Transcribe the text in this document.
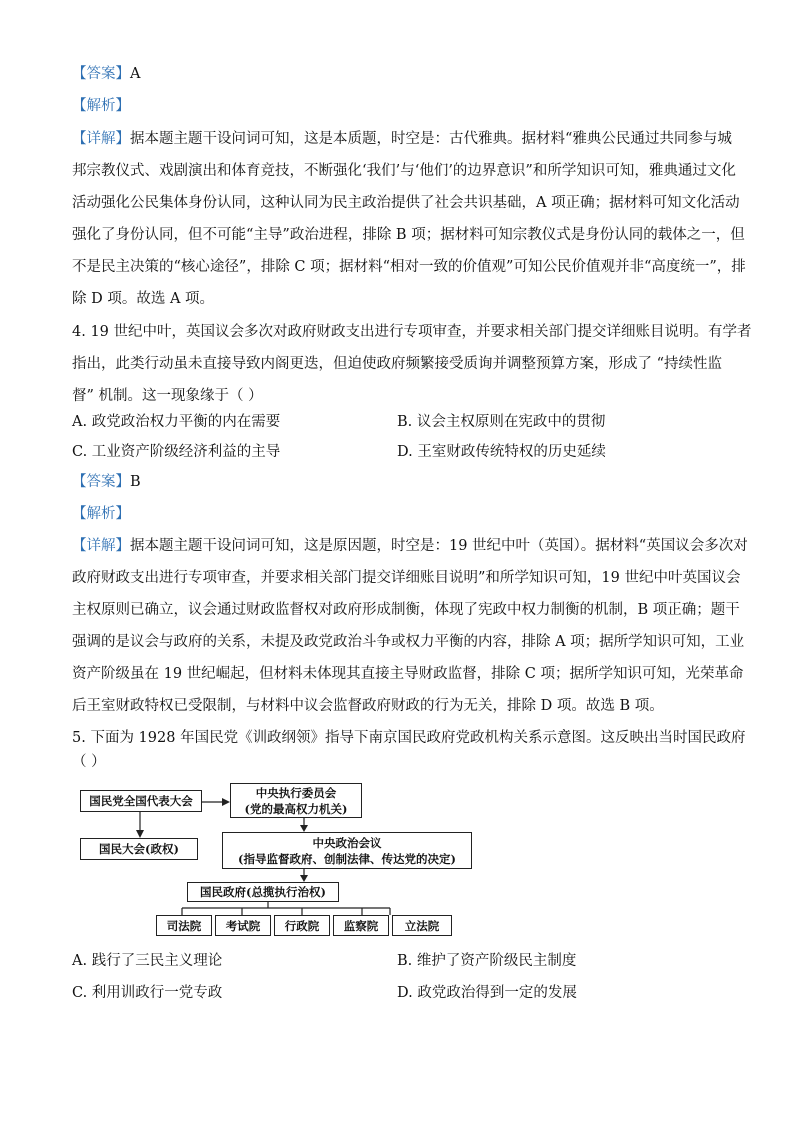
【答案】A
【解析】
【详解】据本题主题干设问词可知，这是本质题，时空是：古代雅典。据材料“雅典公民通过共同参与城
邦宗教仪式、戏剧演出和体育竞技，不断强化‘我们’与‘他们’的边界意识”和所学知识可知，雅典通过文化
活动强化公民集体身份认同，这种认同为民主政治提供了社会共识基础，A 项正确；据材料可知文化活动
强化了身份认同，但不可能“主导”政治进程，排除 B 项；据材料可知宗教仪式是身份认同的载体之一，但
不是民主决策的“核心途径”，排除 C 项；据材料“相对一致的价值观”可知公民价值观并非“高度统一”，排
除 D 项。故选 A 项。
4. 19 世纪中叶，英国议会多次对政府财政支出进行专项审查，并要求相关部门提交详细账目说明。有学者
指出，此类行动虽未直接导致内阁更迭，但迫使政府频繁接受质询并调整预算方案，形成了 “持续性监
督” 机制。这一现象缘于（ ）
A. 政党政治权力平衡的内在需要	B. 议会主权原则在宪政中的贯彻
C. 工业资产阶级经济利益的主导	D. 王室财政传统特权的历史延续
【答案】B
【解析】
【详解】据本题主题干设问词可知，这是原因题，时空是：19 世纪中叶（英国）。据材料“英国议会多次对
政府财政支出进行专项审查，并要求相关部门提交详细账目说明”和所学知识可知，19 世纪中叶英国议会
主权原则已确立，议会通过财政监督权对政府形成制衡，体现了宪政中权力制衡的机制，B 项正确；题干
强调的是议会与政府的关系，未提及政党政治斗争或权力平衡的内容，排除 A 项；据所学知识可知，工业
资产阶级虽在 19 世纪崛起，但材料未体现其直接主导财政监督，排除 C 项；据所学知识可知，光荣革命
后王室财政特权已受限制，与材料中议会监督政府财政的行为无关，排除 D 项。故选 B 项。
5. 下面为 1928 年国民党《训政纲领》指导下南京国民政府党政机构关系示意图。这反映出当时国民政府
（ ）
国民党全国代表大会
中央执行委员会
(党的最高权力机关)
国民大会(政权)	中央政治会议
(指导监督政府、创制法律、传达党的决定)
国民政府(总揽执行治权)
司法院	考试院	行政院	监察院	立法院
A. 践行了三民主义理论	B. 维护了资产阶级民主制度
C. 利用训政行一党专政	D. 政党政治得到一定的发展
